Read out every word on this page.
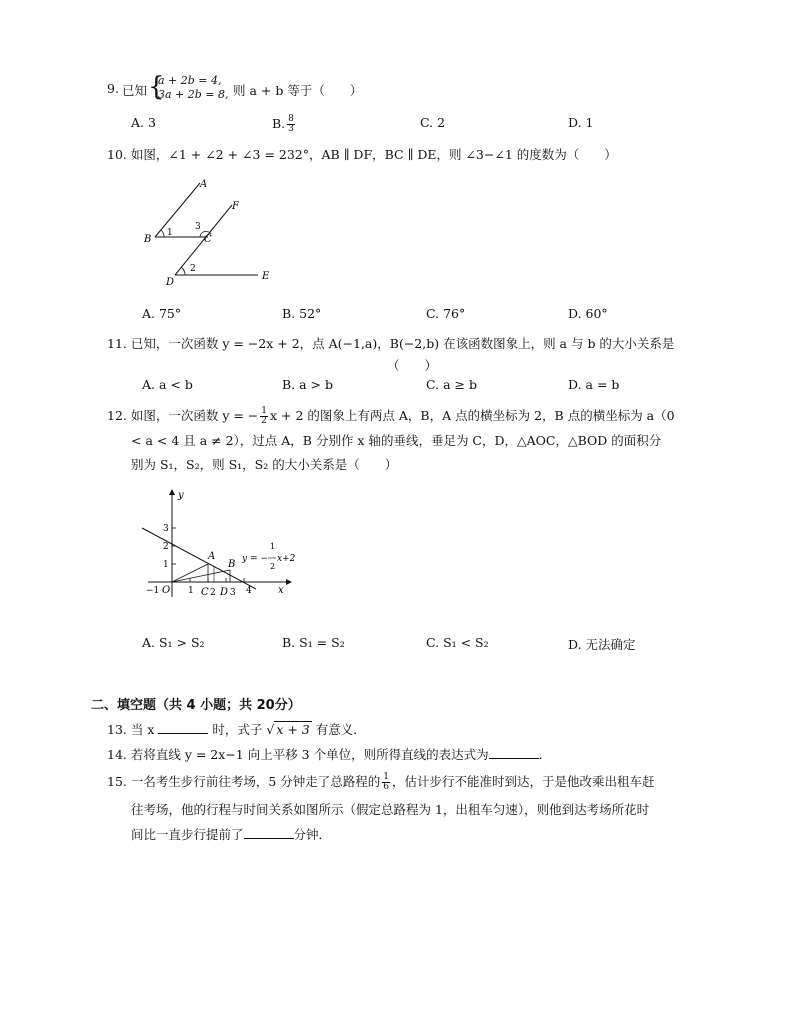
9. 已知 {
a + 2b = 4,
3a + 2b = 8, 则 a + b 等于（　　）
A. 3	B. $\frac{8}{3}$	C. 2	D. 1
10. 如图，∠1 + ∠2 + ∠3 = 232°，AB ∥ DF，BC ∥ DE，则 ∠3−∠1 的度数为（　　）
A
F
B	C
D
E
1
2
3
A. 75°	B. 52°	C. 76°	D. 60°
11. 已知，一次函数 y = −2x + 2，点 A(−1,a)，B(−2,b) 在该函数图象上，则 a 与 b 的大小关系是
（　　）
A. a < b	B. a > b	C. a ≥ b	D. a = b
12. 如图，一次函数 y = − $\frac{1}{2}$ x + 2 的图象上有两点 A，B，A 点的横坐标为 2，B 点的横坐标为 a（0
< a < 4 且 a ≠ 2），过点 A，B 分别作 x 轴的垂线，垂足为 C，D，△AOC，△BOD 的面积分
别为 S₁，S₂，则 S₁，S₂ 的大小关系是（　　）
y
x
O
A
B
C D
−1	1 2 3 4
1
2
3
y = −
1
2
x+2
A. S₁ > S₂	B. S₁ = S₂	C. S₁ < S₂	D. 无法确定
二、填空题（共 4 小题；共 20分）
13. 当 x	时，式子 √ x + 3 有意义．
14. 若将直线 y = 2x−1 向上平移 3 个单位，则所得直线的表达式为	．
15. 一名考生步行前往考场，5 分钟走了总路程的 $\frac{1}{6}$ ，估计步行不能准时到达，于是他改乘出租车赶
往考场，他的行程与时间关系如图所示（假定总路程为 1，出租车匀速），则他到达考场所花时
间比一直步行提前了	分钟．
